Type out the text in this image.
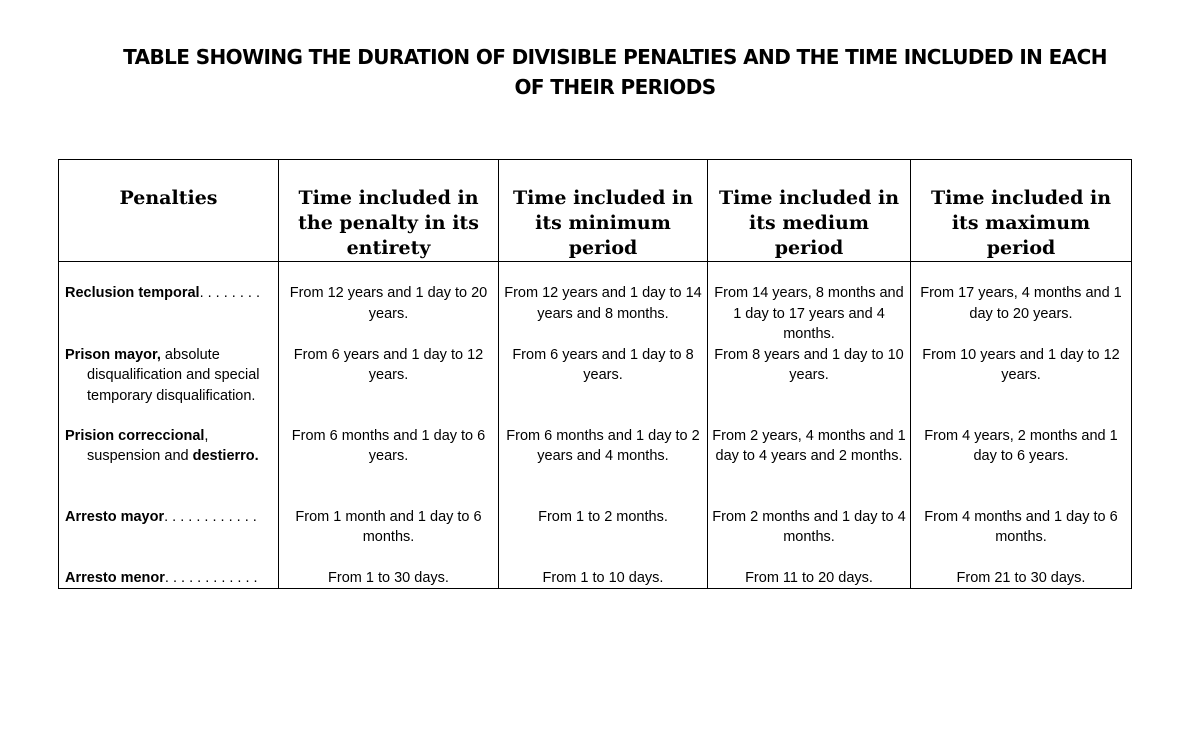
TABLE SHOWING THE DURATION OF DIVISIBLE PENALTIES AND THE TIME INCLUDED IN EACH
OF THEIR PERIODS
Penalties	Time included in the penalty in its entirety	Time included in its minimum period	Time included in its medium period	Time included in its maximum period

Reclusion temporal. . . . . . . .	From 12 years and 1 day to 20 years.	From 12 years and 1 day to 14 years and 8 months.	From 14 years, 8 months and 1 day to 17 years and 4 months.	From 17 years, 4 months and 1 day to 20 years.

Prison mayor, absolute
disqualification and special temporary disqualification.	From 6 years and 1 day to 12 years.	From 6 years and 1 day to 8 years.	From 8 years and 1 day to 10 years.	From 10 years and 1 day to 12 years.

Prision correccional,
suspension and destierro.	From 6 months and 1 day to 6 years.	From 6 months and 1 day to 2 years and 4 months.	From 2 years, 4 months and 1 day to 4 years and 2 months.	From 4 years, 2 months and 1 day to 6 years.

Arresto mayor. . . . . . . . . . . .	From 1 month and 1 day to 6 months.	From 1 to 2 months.	From 2 months and 1 day to 4 months.	From 4 months and 1 day to 6 months.

Arresto menor. . . . . . . . . . . .	From 1 to 30 days.	From 1 to 10 days.	From 11 to 20 days.	From 21 to 30 days.
